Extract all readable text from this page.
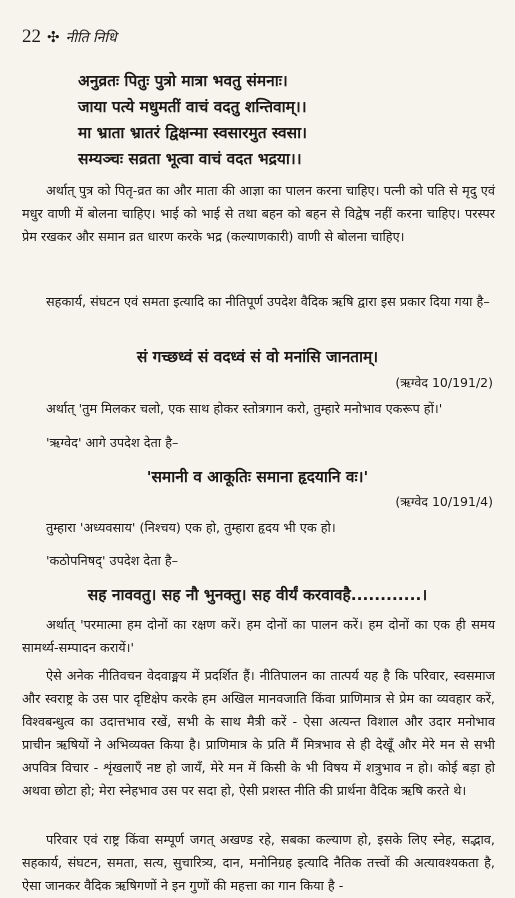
22 ✣ नीति निधि
अनुव्रतः पितुः पुत्रो मात्रा भवतु संमनाः।
जाया पत्ये मधुमतीं वाचं वदतु शन्तिवाम्।।
मा भ्राता भ्रातरं द्विक्षन्मा स्वसारमुत स्वसा।
सम्यञ्चः सव्रता भूत्वा वाचं वदत भद्रया।।
अर्थात् पुत्र को पितृ-व्रत का और माता की आज्ञा का पालन करना चाहिए। पत्नी को पति से मृदु एवं मधुर वाणी में बोलना चाहिए। भाई को भाई से तथा बहन को बहन से विद्वेष नहीं करना चाहिए। परस्पर प्रेम रखकर और समान व्रत धारण करके भद्र (कल्याणकारी) वाणी से बोलना चाहिए।
सहकार्य, संघटन एवं समता इत्यादि का नीतिपूर्ण उपदेश वैदिक ऋषि द्वारा इस प्रकार दिया गया है–
सं गच्छध्वं सं वदध्वं सं वो मनांसि जानताम्।
(ऋग्वेद 10/191/2)
अर्थात् 'तुम मिलकर चलो, एक साथ होकर स्तोत्रगान करो, तुम्हारे मनोभाव एकरूप हों।'
'ऋग्वेद' आगे उपदेश देता है–
'समानी व आकूतिः समाना हृदयानि वः।'
(ऋग्वेद 10/191/4)
तुम्हारा 'अध्यवसाय' (निश्चय) एक हो, तुम्हारा हृदय भी एक हो।
'कठोपनिषद्' उपदेश देता है–
सह नाववतु। सह नौ भुनक्तु। सह वीर्यं करवावहै............।
अर्थात् 'परमात्मा हम दोनों का रक्षण करें। हम दोनों का पालन करें। हम दोनों का एक ही समय सामर्थ्य-सम्पादन करायें।'
ऐसे अनेक नीतिवचन वेदवाङ्मय में प्रदर्शित हैं। नीतिपालन का तात्पर्य यह है कि परिवार, स्वसमाज और स्वराष्ट्र के उस पार दृष्टिक्षेप करके हम अखिल मानवजाति किंवा प्राणिमात्र से प्रेम का व्यवहार करें, विश्वबन्धुत्व का उदात्तभाव रखें, सभी के साथ मैत्री करें - ऐसा अत्यन्त विशाल और उदार मनोभाव प्राचीन ऋषियों ने अभिव्यक्त किया है। प्राणिमात्र के प्रति मैं मित्रभाव से ही देखूँ और मेरे मन से सभी अपवित्र विचार - शृंखलाएँ नष्ट हो जायँ, मेरे मन में किसी के भी विषय में शत्रुभाव न हो। कोई बड़ा हो अथवा छोटा हो; मेरा स्नेहभाव उस पर सदा हो, ऐसी प्रशस्त नीति की प्रार्थना वैदिक ऋषि करते थे।
परिवार एवं राष्ट्र किंवा सम्पूर्ण जगत् अखण्ड रहे, सबका कल्याण हो, इसके लिए स्नेह, सद्भाव, सहकार्य, संघटन, समता, सत्य, सुचारित्र्य, दान, मनोनिग्रह इत्यादि नैतिक तत्त्वों की अत्यावश्यकता है, ऐसा जानकर वैदिक ऋषिगणों ने इन गुणों की महत्ता का गान किया है -
